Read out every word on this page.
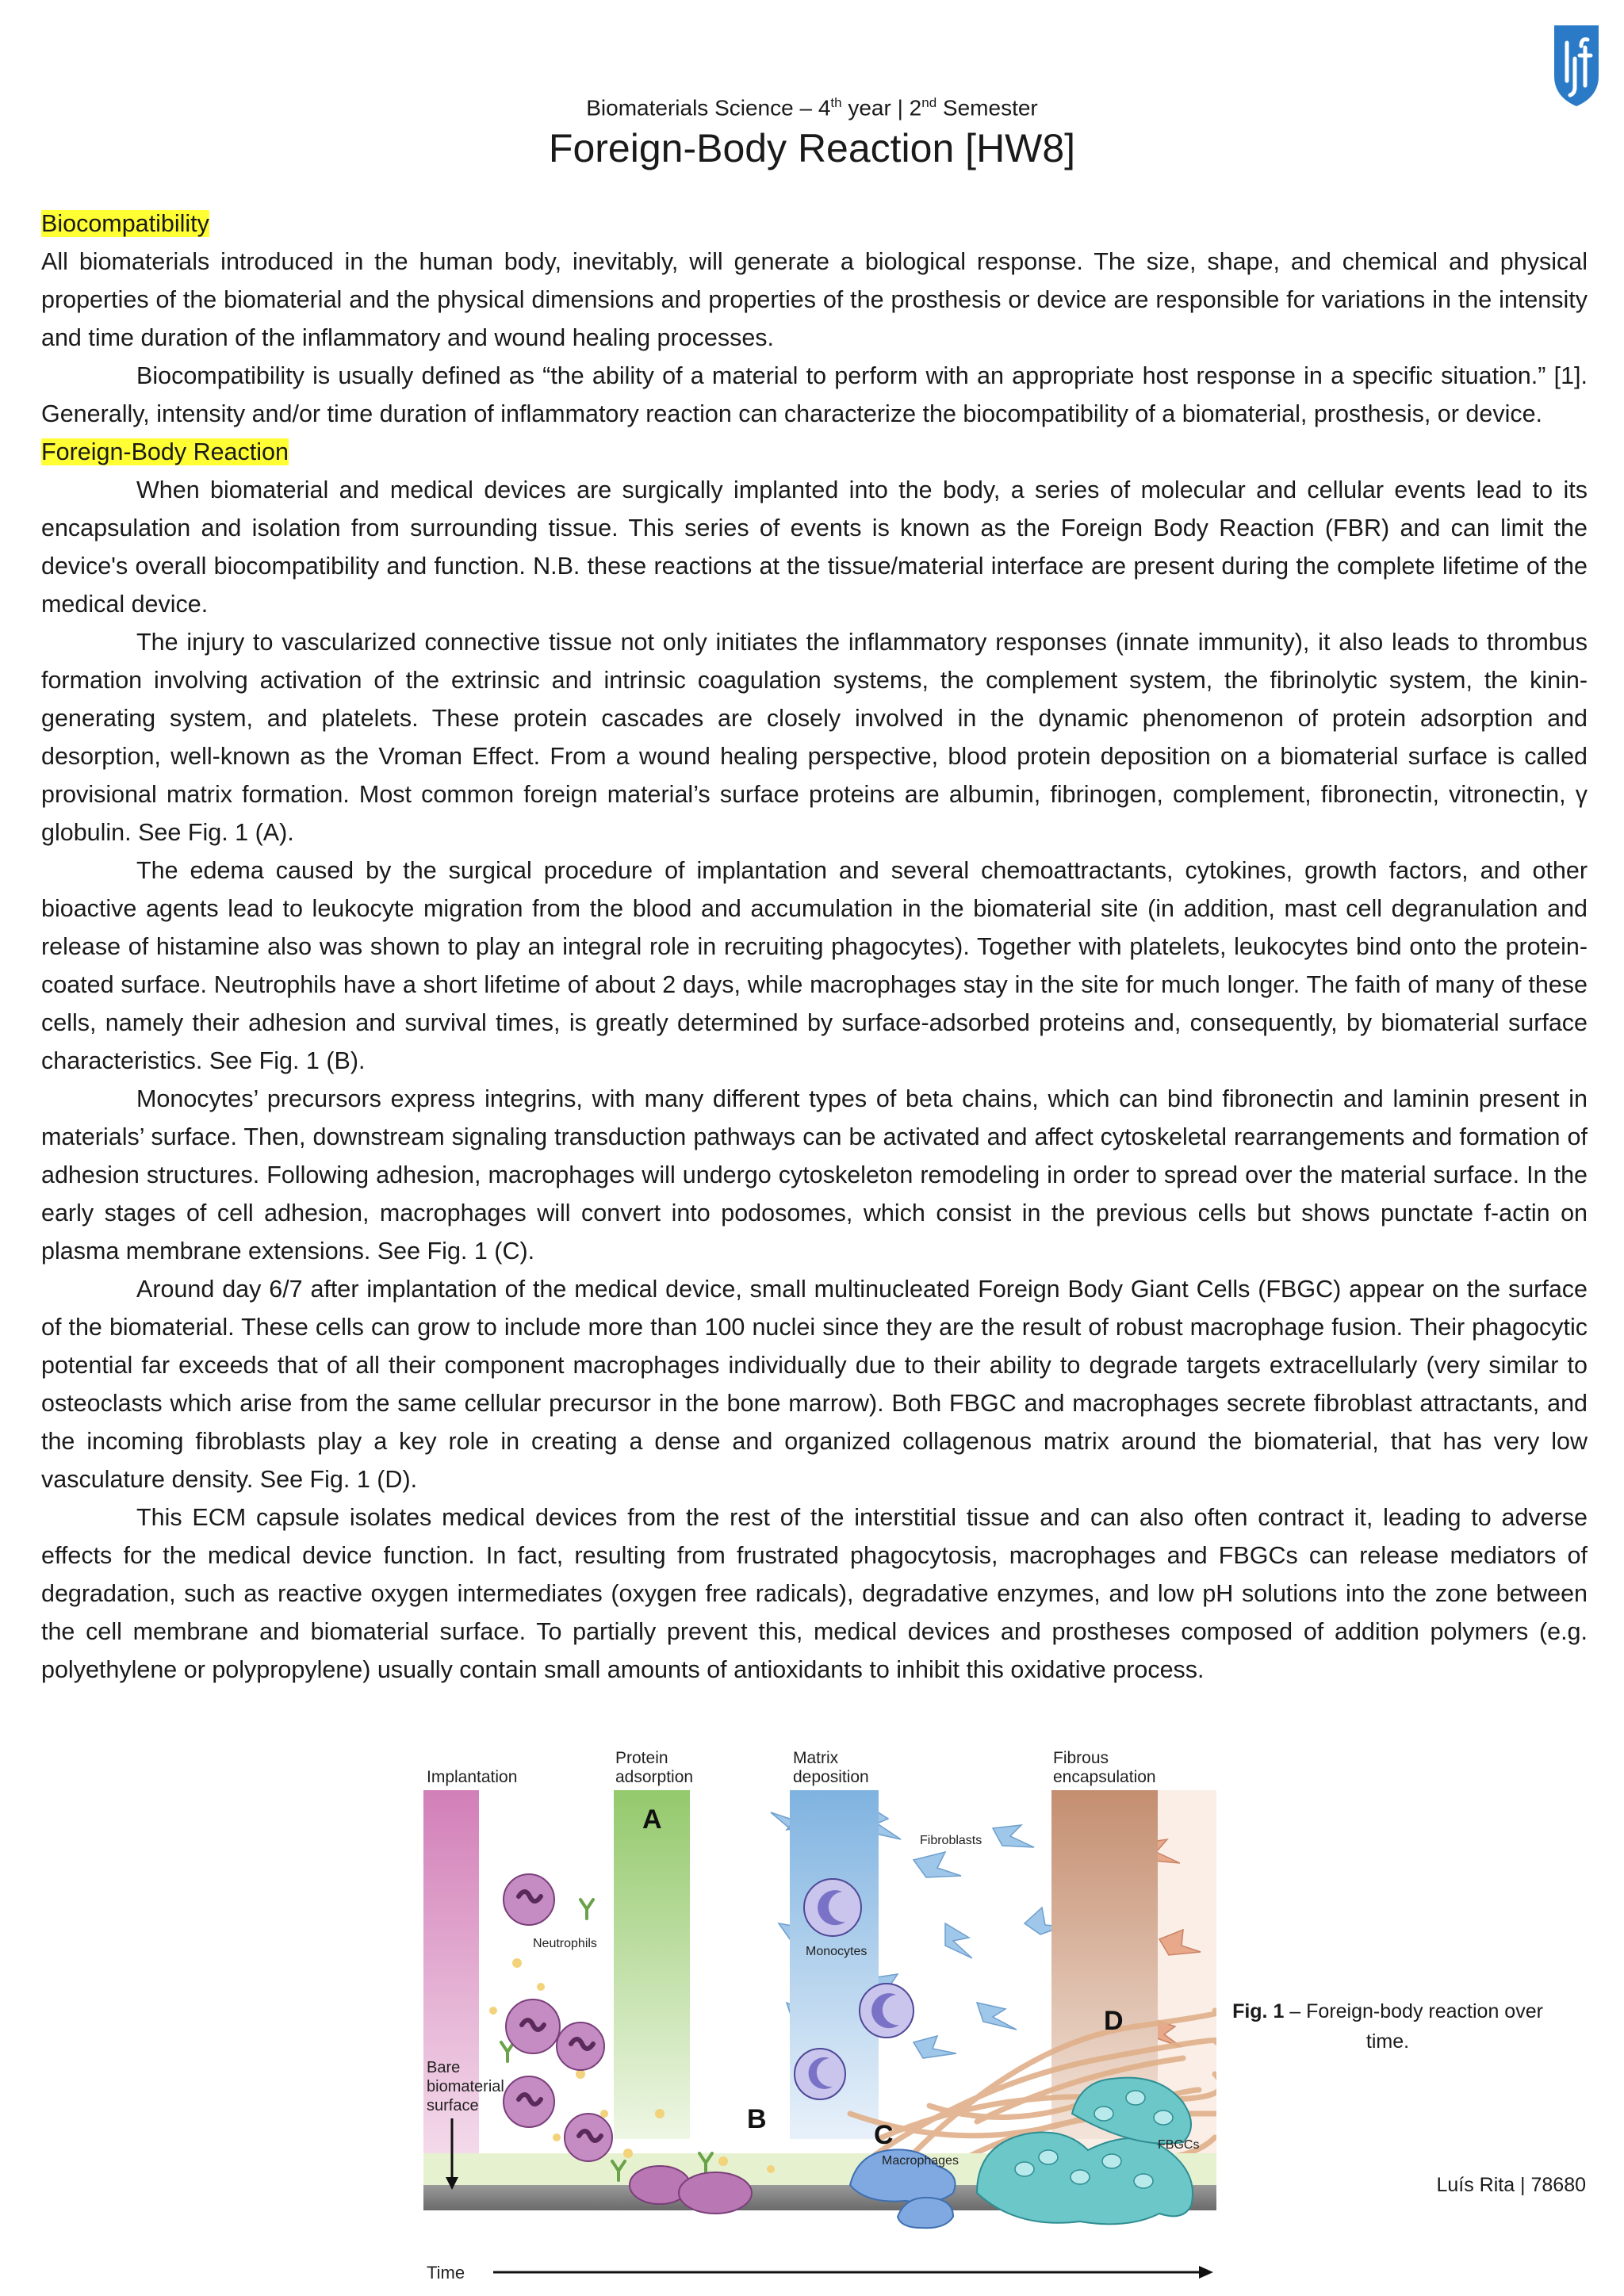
Biomaterials Science – 4th year | 2nd Semester
Foreign-Body Reaction [HW8]

Biocompatibility

All biomaterials introduced in the human body, inevitably, will generate a biological response. The size, shape, and chemical and physical properties of the biomaterial and the physical dimensions and properties of the prosthesis or device are responsible for variations in the intensity and time duration of the inflammatory and wound healing processes.

Biocompatibility is usually defined as “the ability of a material to perform with an appropriate host response in a specific situation.” [1]. Generally, intensity and/or time duration of inflammatory reaction can characterize the biocompatibility of a biomaterial, prosthesis, or device.

Foreign-Body Reaction

When biomaterial and medical devices are surgically implanted into the body, a series of molecular and cellular events lead to its encapsulation and isolation from surrounding tissue. This series of events is known as the Foreign Body Reaction (FBR) and can limit the device's overall biocompatibility and function. N.B. these reactions at the tissue/material interface are present during the complete lifetime of the medical device.

The injury to vascularized connective tissue not only initiates the inflammatory responses (innate immunity), it also leads to thrombus formation involving activation of the extrinsic and intrinsic coagulation systems, the complement system, the fibrinolytic system, the kinin-generating system, and platelets. These protein cascades are closely involved in the dynamic phenomenon of protein adsorption and desorption, well-known as the Vroman Effect. From a wound healing perspective, blood protein deposition on a biomaterial surface is called provisional matrix formation. Most common foreign material’s surface proteins are albumin, fibrinogen, complement, fibronectin, vitronectin, γ globulin. See Fig. 1 (A).

The edema caused by the surgical procedure of implantation and several chemoattractants, cytokines, growth factors, and other bioactive agents lead to leukocyte migration from the blood and accumulation in the biomaterial site (in addition, mast cell degranulation and release of histamine also was shown to play an integral role in recruiting phagocytes). Together with platelets, leukocytes bind onto the protein-coated surface. Neutrophils have a short lifetime of about 2 days, while macrophages stay in the site for much longer. The faith of many of these cells, namely their adhesion and survival times, is greatly determined by surface-adsorbed proteins and, consequently, by biomaterial surface characteristics. See Fig. 1 (B).

Monocytes’ precursors express integrins, with many different types of beta chains, which can bind fibronectin and laminin present in materials’ surface. Then, downstream signaling transduction pathways can be activated and affect cytoskeletal rearrangements and formation of adhesion structures. Following adhesion, macrophages will undergo cytoskeleton remodeling in order to spread over the material surface. In the early stages of cell adhesion, macrophages will convert into podosomes, which consist in the previous cells but shows punctate f-actin on plasma membrane extensions. See Fig. 1 (C).

Around day 6/7 after implantation of the medical device, small multinucleated Foreign Body Giant Cells (FBGC) appear on the surface of the biomaterial. These cells can grow to include more than 100 nuclei since they are the result of robust macrophage fusion. Their phagocytic potential far exceeds that of all their component macrophages individually due to their ability to degrade targets extracellularly (very similar to osteoclasts which arise from the same cellular precursor in the bone marrow). Both FBGC and macrophages secrete fibroblast attractants, and the incoming fibroblasts play a key role in creating a dense and organized collagenous matrix around the biomaterial, that has very low vasculature density. See Fig. 1 (D).

This ECM capsule isolates medical devices from the rest of the interstitial tissue and can also often contract it, leading to adverse effects for the medical device function. In fact, resulting from frustrated phagocytosis, macrophages and FBGCs can release mediators of degradation, such as reactive oxygen intermediates (oxygen free radicals), degradative enzymes, and low pH solutions into the zone between the cell membrane and biomaterial surface. To partially prevent this, medical devices and prostheses composed of addition polymers (e.g. polyethylene or polypropylene) usually contain small amounts of antioxidants to inhibit this oxidative process.

Implantation
Protein
adsorption
Matrix
deposition
Fibrous
encapsulation
Fibroblasts
Monocytes
Neutrophils
Macrophages
FBGCs
Bare
biomaterial
surface
A
B
C
D
Time
Fig. 1 – Foreign-body reaction over time.
Luís Rita | 78680
